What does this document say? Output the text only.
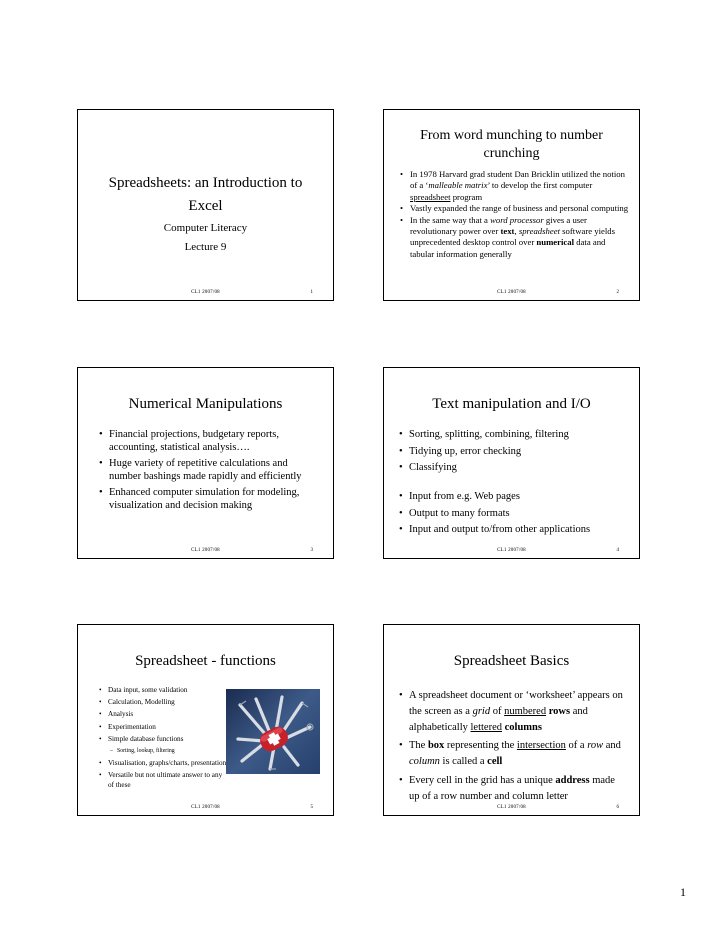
Spreadsheets: an Introduction to
Excel
Computer Literacy
Lecture 9
CL1 2007/08	1
From word munching to number
crunching
• In 1978 Harvard grad student Dan Bricklin utilized the notion of a ‘malleable matrix’ to develop the first computer spreadsheet program
• Vastly expanded the range of business and personal computing
• In the same way that a word processor gives a user revolutionary power over text, spreadsheet software yields unprecedented desktop control over numerical data and tabular information generally
CL1 2007/08	2
Numerical Manipulations
• Financial projections, budgetary reports, accounting, statistical analysis….
• Huge variety of repetitive calculations and number bashings made rapidly and efficiently
• Enhanced computer simulation for modeling, visualization and decision making
CL1 2007/08	3
Text manipulation and I/O
• Sorting, splitting, combining, filtering
• Tidying up, error checking
• Classifying
• Input from e.g. Web pages
• Output to many formats
• Input and output to/from other applications
CL1 2007/08	4
Spreadsheet - functions
• Data input, some validation
• Calculation, Modelling
• Analysis
• Experimentation
• Simple database functions
– Sorting, lookup, filtering
• Visualisation, graphs/charts, presentation
• Versatile but not ultimate answer to any of these
CL1 2007/08	5
Spreadsheet Basics
• A spreadsheet document or ‘worksheet’ appears on the screen as a grid of numbered rows and alphabetically lettered columns
• The box representing the intersection of a row and column is called a cell
• Every cell in the grid has a unique address made up of a row number and column letter
CL1 2007/08	6
1
